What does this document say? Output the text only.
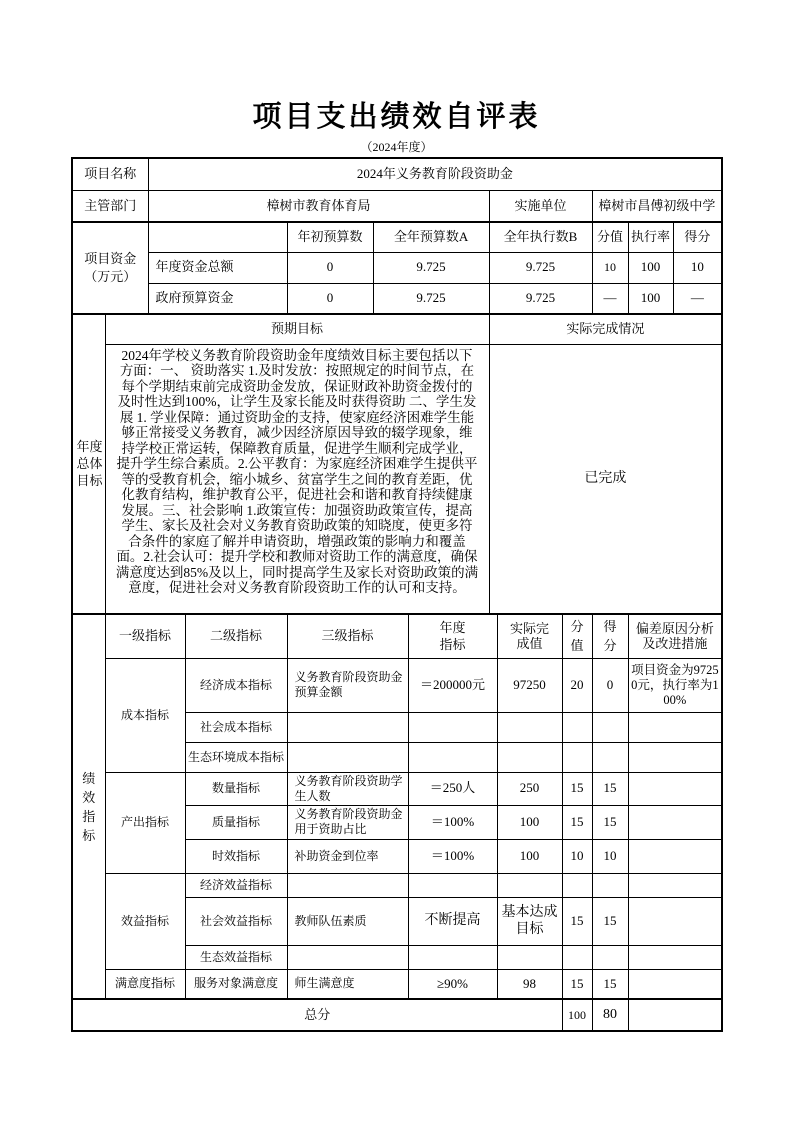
项目支出绩效自评表
（2024年度）
项目名称		2024年义务教育阶段资助金										
主管部门		樟树市教育体育局					实施单位			樟树市昌傅初级中学		
项目资金（万元）				年初预算数	全年预算数A		全年执行数B			分值	执行率	得分
		年度资金总额		0	9.725		9.725			10	100	10
		政府预算资金		0	9.725		9.725			—	100	—
年度总体目标	预期目标						实际完成情况					

	2024年学校义务教育阶段资助金年度绩效目标主要包括以下方面：一、 资助落实 1.及时发放：按照规定的时间节点，在每个学期结束前完成资助金发放，保证财政补助资金拨付的及时性达到100%，让学生及家长能及时获得资助 二、学生发展 1. 学业保障：通过资助金的支持，使家庭经济困难学生能够正常接受义务教育，减少因经济原因导致的辍学现象，维持学校正常运转，保障教育质量，促进学生顺利完成学业，提升学生综合素质。2.公平教育：为家庭经济困难学生提供平等的受教育机会，缩小城乡、贫富学生之间的教育差距，优化教育结构，维护教育公平，促进社会和谐和教育持续健康发展。三、社会影响 1.政策宣传：加强资助政策宣传，提高学生、家长及社会对义务教育资助政策的知晓度，使更多符合条件的家庭了解并申请资助，增强政策的影响力和覆盖面。2.社会认可：提升学校和教师对资助工作的满意度，确保满意度达到85%及以上，同时提高学生及家长对资助政策的满意度，促进社会对义务教育阶段资助工作的认可和支持。						已完成					
绩效指标	一级指标		二级指标	三级指标		年度指标		实际完成值	分值	得分	偏差原因分析及改进措施	
	成本指标		经济成本指标	义务教育阶段资助金预算金额		＝200000元		97250	20	0	项目资金为97250元，执行率为100%	
			社会成本指标									
			生态环境成本指标									
	产出指标		数量指标	义务教育阶段资助学生人数		＝250人		250	15	15		
			质量指标	义务教育阶段资助金用于资助占比		＝100%		100	15	15		
			时效指标	补助资金到位率		＝100%		100	10	10		
	效益指标		经济效益指标									
			社会效益指标	教师队伍素质		不断提高		基本达成目标	15	15		
			生态效益指标									
	满意度指标		服务对象满意度	师生满意度		≥90%		98	15	15		
总分									100	80		
